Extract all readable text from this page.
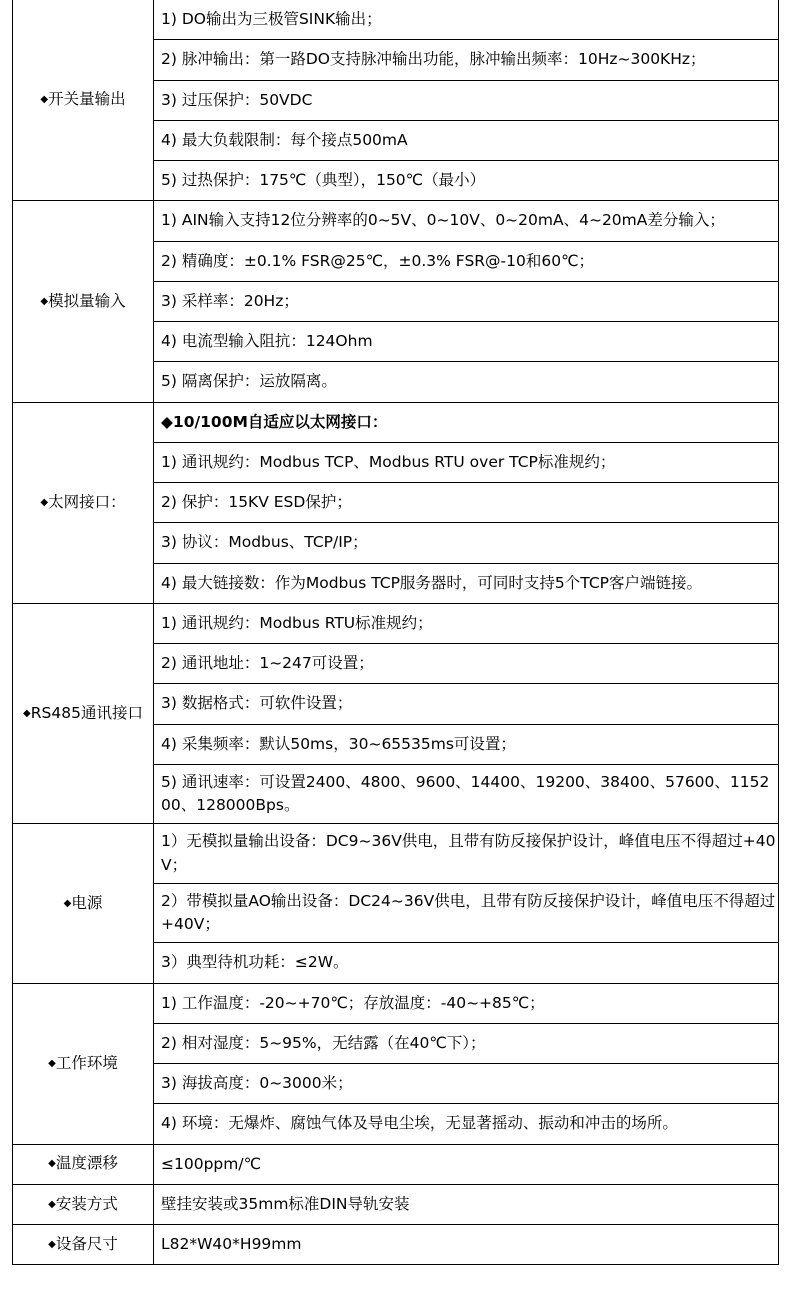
◆开关量输出	1) DO输出为三极管SINK输出；

	2) 脉冲输出：第一路DO支持脉冲输出功能，脉冲输出频率：10Hz~300KHz；

	3) 过压保护：50VDC

	4) 最大负载限制：每个接点500mA

	5) 过热保护：175℃（典型），150℃（最小）

◆模拟量输入	1) AIN输入支持12位分辨率的0~5V、0~10V、0~20mA、4~20mA差分输入；

	2) 精确度：±0.1% FSR@25℃，±0.3% FSR@-10和60℃；

	3) 采样率：20Hz；

	4) 电流型输入阻抗：124Ohm

	5) 隔离保护：运放隔离。

◆太网接口：	◆10/100M自适应以太网接口：

	1) 通讯规约：Modbus TCP、Modbus RTU over TCP标准规约；

	2) 保护：15KV ESD保护；

	3) 协议：Modbus、TCP/IP；

	4) 最大链接数：作为Modbus TCP服务器时，可同时支持5个TCP客户端链接。

◆RS485通讯接口	1) 通讯规约：Modbus RTU标准规约；

	2) 通讯地址：1~247可设置；

	3) 数据格式：可软件设置；

	4) 采集频率：默认50ms，30~65535ms可设置；

	5) 通讯速率：可设置2400、4800、9600、14400、19200、38400、57600、115200、128000Bps。

◆电源	1）无模拟量输出设备：DC9~36V供电，且带有防反接保护设计，峰值电压不得超过+40V；

	2）带模拟量AO输出设备：DC24~36V供电，且带有防反接保护设计，峰值电压不得超过+40V；

	3）典型待机功耗：≤2W。

◆工作环境	1) 工作温度：-20~+70℃；存放温度：-40~+85℃；

	2) 相对湿度：5~95%，无结露（在40℃下）；

	3) 海拔高度：0~3000米；

	4) 环境：无爆炸、腐蚀气体及导电尘埃，无显著摇动、振动和冲击的场所。

◆温度漂移	≤100ppm/℃

◆安装方式	壁挂安装或35mm标准DIN导轨安装

◆设备尺寸	L82*W40*H99mm
